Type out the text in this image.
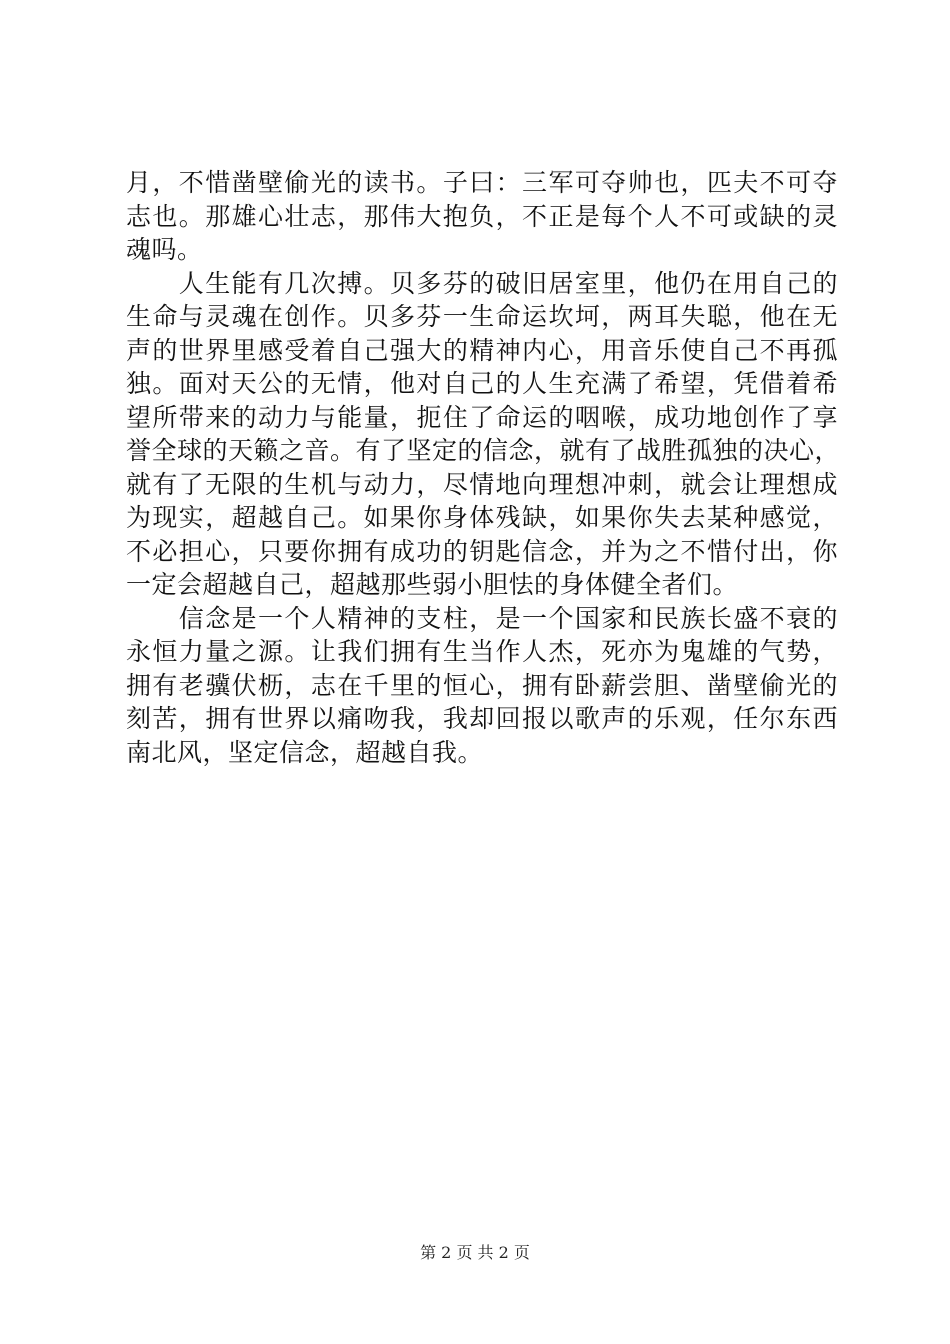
月，不惜凿壁偷光的读书。子曰：三军可夺帅也，匹夫不可夺
志也。那雄心壮志，那伟大抱负，不正是每个人不可或缺的灵
魂吗。
　　人生能有几次搏。贝多芬的破旧居室里，他仍在用自己的
生命与灵魂在创作。贝多芬一生命运坎坷，两耳失聪，他在无
声的世界里感受着自己强大的精神内心，用音乐使自己不再孤
独。面对天公的无情，他对自己的人生充满了希望，凭借着希
望所带来的动力与能量，扼住了命运的咽喉，成功地创作了享
誉全球的天籁之音。有了坚定的信念，就有了战胜孤独的决心，
就有了无限的生机与动力，尽情地向理想冲刺，就会让理想成
为现实，超越自己。如果你身体残缺，如果你失去某种感觉，
不必担心，只要你拥有成功的钥匙信念，并为之不惜付出，你
一定会超越自己，超越那些弱小胆怯的身体健全者们。
　　信念是一个人精神的支柱，是一个国家和民族长盛不衰的
永恒力量之源。让我们拥有生当作人杰，死亦为鬼雄的气势，
拥有老骥伏枥，志在千里的恒心，拥有卧薪尝胆、凿壁偷光的
刻苦，拥有世界以痛吻我，我却回报以歌声的乐观，任尔东西
南北风，坚定信念，超越自我。
第 2 页 共 2 页
